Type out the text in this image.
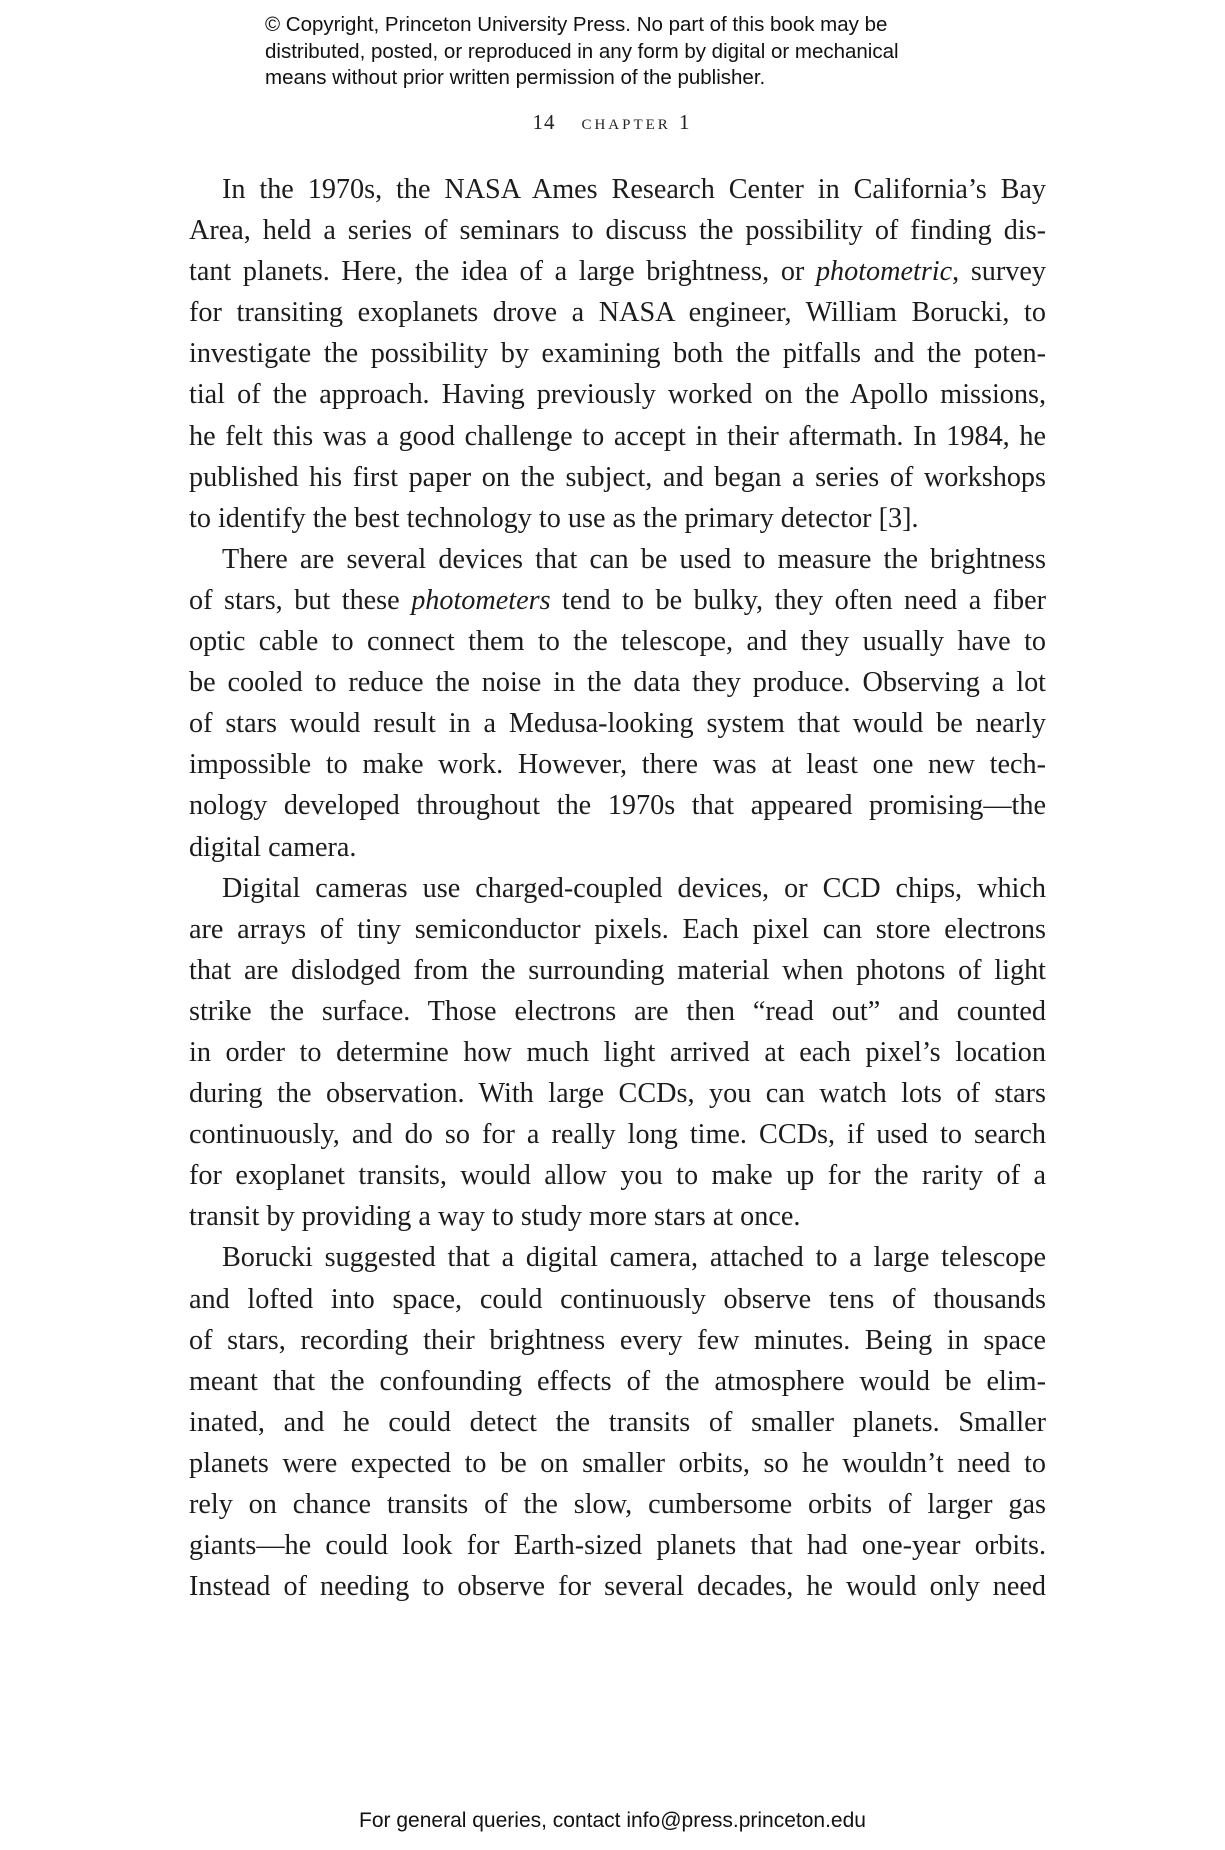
© Copyright, Princeton University Press. No part of this book may be
distributed, posted, or reproduced in any form by digital or mechanical
means without prior written permission of the publisher.
14 chapter 1
In the 1970s, the NASA Ames Research Center in California’s Bay
Area, held a series of seminars to discuss the possibility of finding dis-
tant planets. Here, the idea of a large brightness, or photometric, survey
for transiting exoplanets drove a NASA engineer, William Borucki, to
investigate the possibility by examining both the pitfalls and the poten-
tial of the approach. Having previously worked on the Apollo missions,
he felt this was a good challenge to accept in their aftermath. In 1984, he
published his first paper on the subject, and began a series of workshops
to identify the best technology to use as the primary detector [3].
There are several devices that can be used to measure the brightness
of stars, but these photometers tend to be bulky, they often need a fiber
optic cable to connect them to the telescope, and they usually have to
be cooled to reduce the noise in the data they produce. Observing a lot
of stars would result in a Medusa-looking system that would be nearly
impossible to make work. However, there was at least one new tech-
nology developed throughout the 1970s that appeared promising—the
digital camera.
Digital cameras use charged-coupled devices, or CCD chips, which
are arrays of tiny semiconductor pixels. Each pixel can store electrons
that are dislodged from the surrounding material when photons of light
strike the surface. Those electrons are then “read out” and counted
in order to determine how much light arrived at each pixel’s location
during the observation. With large CCDs, you can watch lots of stars
continuously, and do so for a really long time. CCDs, if used to search
for exoplanet transits, would allow you to make up for the rarity of a
transit by providing a way to study more stars at once.
Borucki suggested that a digital camera, attached to a large telescope
and lofted into space, could continuously observe tens of thousands
of stars, recording their brightness every few minutes. Being in space
meant that the confounding effects of the atmosphere would be elim-
inated, and he could detect the transits of smaller planets. Smaller
planets were expected to be on smaller orbits, so he wouldn’t need to
rely on chance transits of the slow, cumbersome orbits of larger gas
giants—he could look for Earth-sized planets that had one-year orbits.
Instead of needing to observe for several decades, he would only need
For general queries, contact info@press.princeton.edu
